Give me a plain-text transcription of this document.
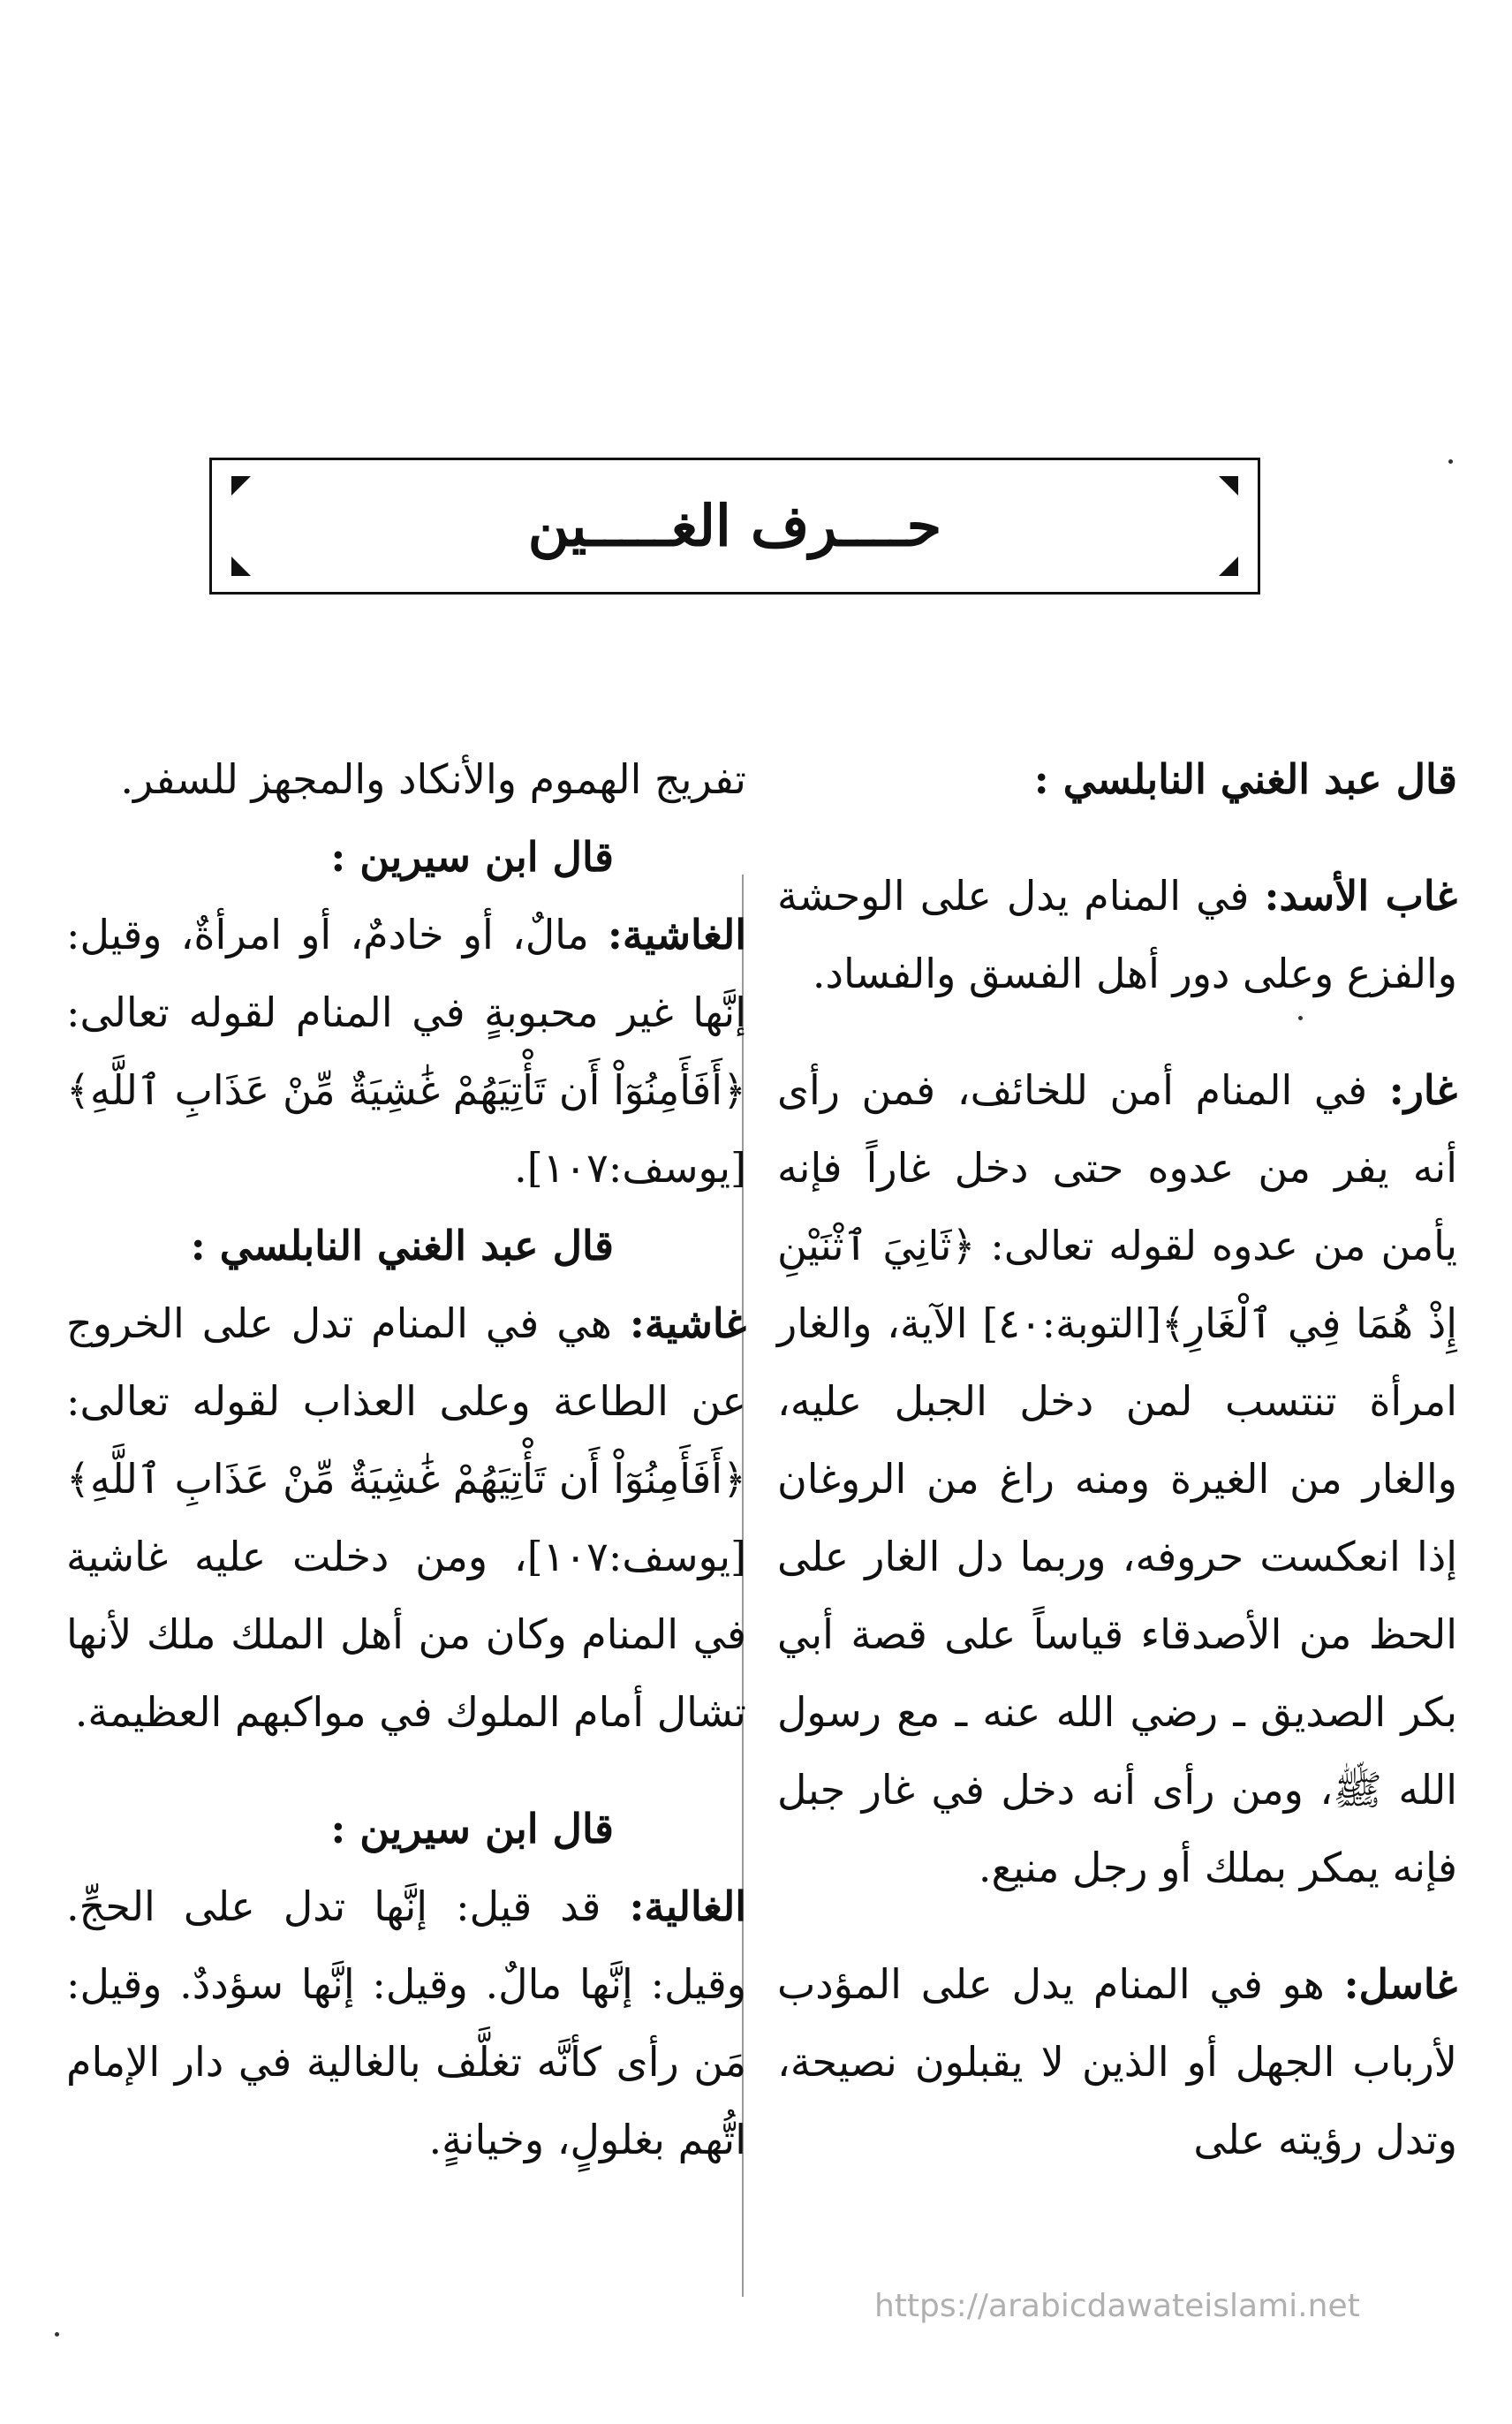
حــــرف الغـــــين

قال عبد الغني النابلسي :

غاب الأسد: في المنام يدل على الوحشة والفزع وعلى دور أهل الفسق والفساد.

غار: في المنام أمن للخائف، فمن رأى أنه يفر من عدوه حتى دخل غاراً فإنه يأمن من عدوه لقوله تعالى: ﴿ثَانِيَ ٱثْنَيْنِ إِذْ هُمَا فِي ٱلْغَارِ﴾[التوبة:٤٠] الآية، والغار امرأة تنتسب لمن دخل الجبل عليه، والغار من الغيرة ومنه راغ من الروغان إذا انعكست حروفه، وربما دل الغار على الحظ من الأصدقاء قياساً على قصة أبي بكر الصديق ـ رضي الله عنه ـ مع رسول الله ﷺ، ومن رأى أنه دخل في غار جبل فإنه يمكر بملك أو رجل منيع.

غاسل: هو في المنام يدل على المؤدب لأرباب الجهل أو الذين لا يقبلون نصيحة، وتدل رؤيته على

تفريج الهموم والأنكاد والمجهز للسفر.

قال ابن سيرين :

الغاشية: مالٌ، أو خادمٌ، أو امرأةٌ، وقيل: إنَّها غير محبوبةٍ في المنام لقوله تعالى: ﴿أَفَأَمِنُوٓاْ أَن تَأْتِيَهُمْ غَٰشِيَةٌ مِّنْ عَذَابِ ٱللَّهِ﴾[يوسف:١٠٧].

قال عبد الغني النابلسي :

غاشية: هي في المنام تدل على الخروج عن الطاعة وعلى العذاب لقوله تعالى: ﴿أَفَأَمِنُوٓاْ أَن تَأْتِيَهُمْ غَٰشِيَةٌ مِّنْ عَذَابِ ٱللَّهِ﴾[يوسف:١٠٧]، ومن دخلت عليه غاشية في المنام وكان من أهل الملك ملك لأنها تشال أمام الملوك في مواكبهم العظيمة.

قال ابن سيرين :

الغالية: قد قيل: إنَّها تدل على الحجِّ. وقيل: إنَّها مالٌ. وقيل: إنَّها سؤددٌ. وقيل: مَن رأى كأنَّه تغلَّف بالغالية في دار الإمام اتُّهم بغلولٍ، وخيانةٍ.

https://arabicdawateislami.net
